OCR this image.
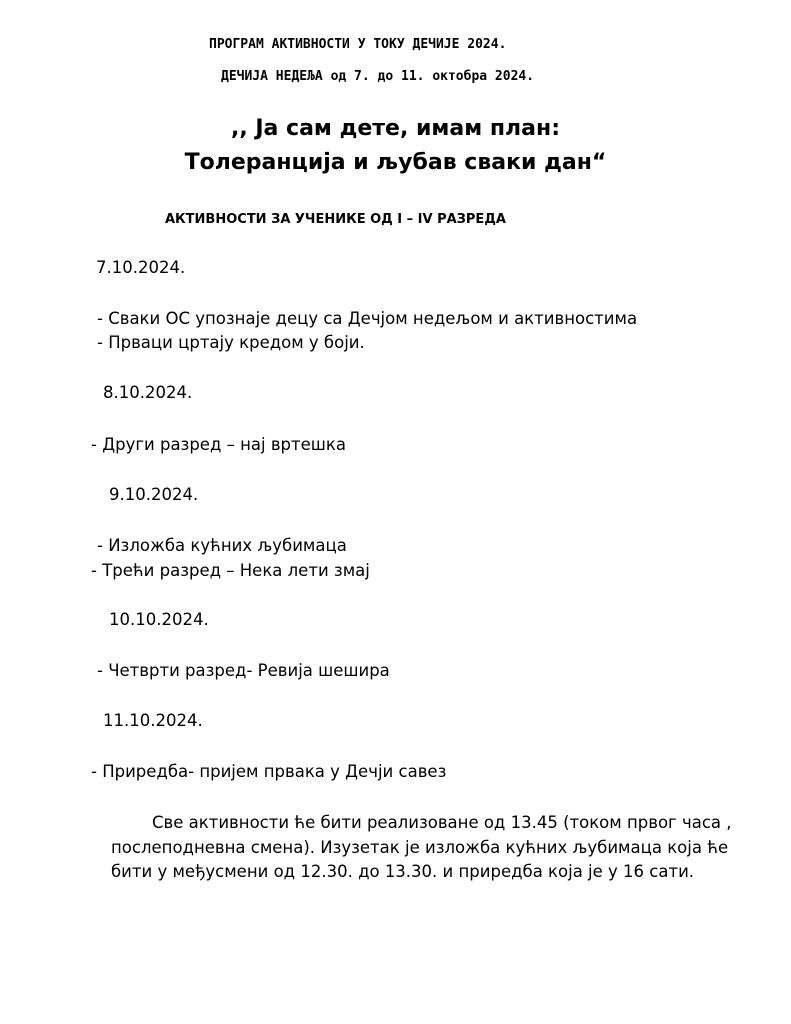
ПРОГРАМ АКТИВНОСТИ У ТОКУ ДЕЧИЈЕ 2024.
ДЕЧИЈА НЕДЕЉА од 7. до 11. октобра 2024.
,, Ја сам дете, имам план:
Толеранција и љубав сваки дан“
АКТИВНОСТИ ЗА УЧЕНИКЕ ОД I – IV РАЗРЕДА
7.10.2024.
- Сваки ОС упознаје децу са Дечјом недељом и активностима
- Прваци цртају кредом у боји.
8.10.2024.
- Други разред – нај вртешка
9.10.2024.
- Изложба кућних љубимаца
- Трећи разред – Нека лети змај
10.10.2024.
- Четврти разред- Ревија шешира
11.10.2024.
- Приредба- пријем првака у Дечји савез
Све активности ће бити реализоване од 13.45 (током првог часа ,
послеподневна смена). Изузетак је изложба кућних љубимаца која ће
бити у међусмени од 12.30. до 13.30. и приредба која је у 16 сати.
